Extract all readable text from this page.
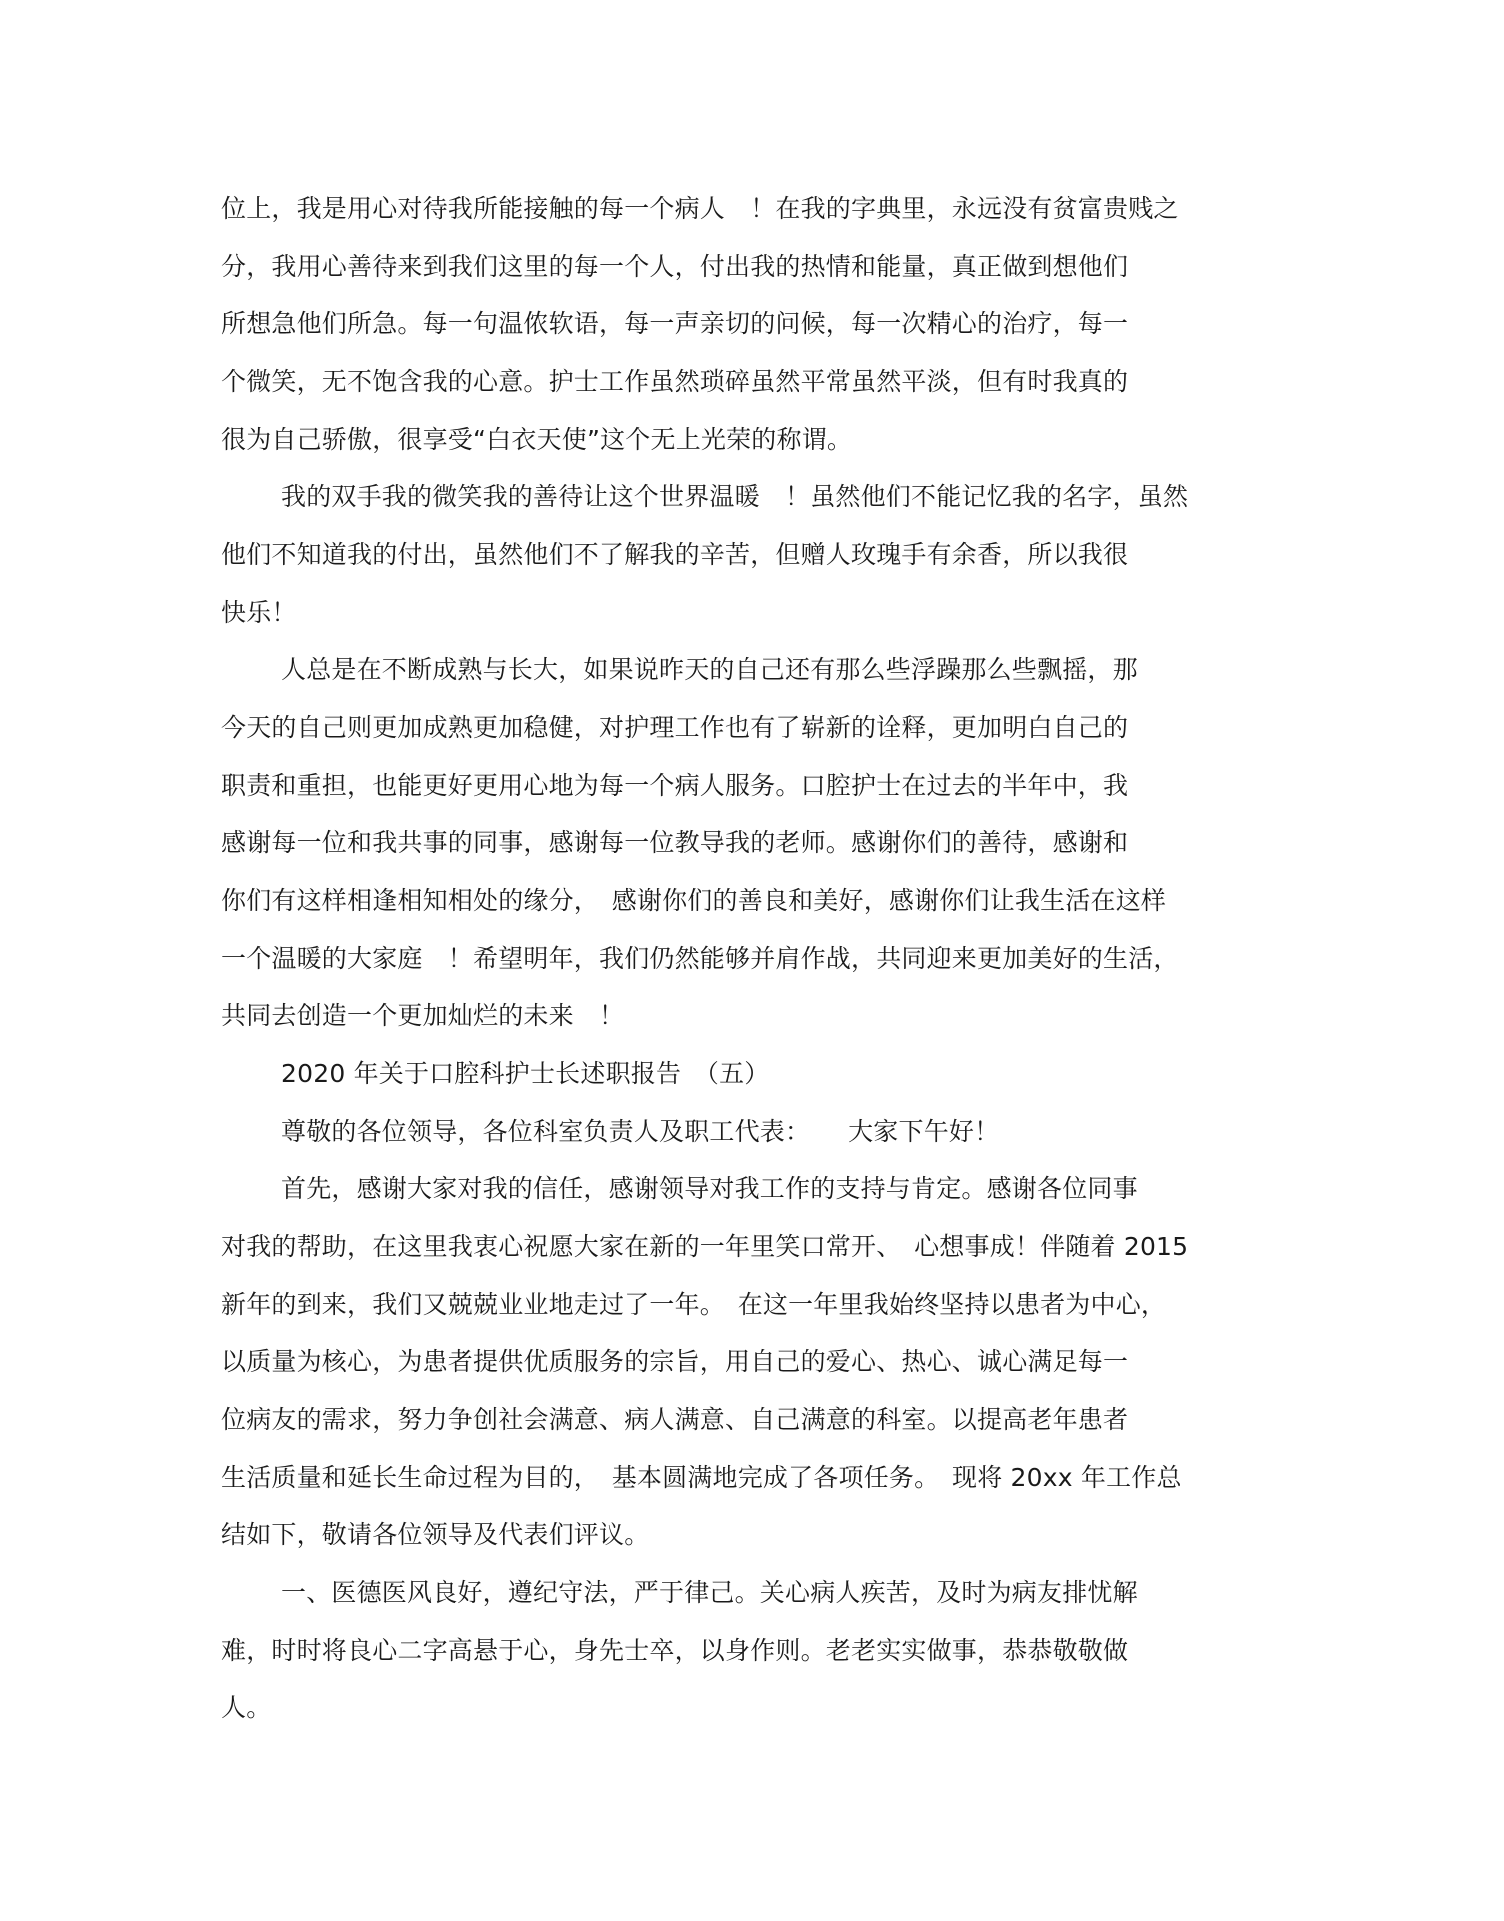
位上，我是用心对待我所能接触的每一个病人　！在我的字典里，永远没有贫富贵贱之
分，我用心善待来到我们这里的每一个人，付出我的热情和能量，真正做到想他们
所想急他们所急。每一句温侬软语，每一声亲切的问候，每一次精心的治疗，每一
个微笑，无不饱含我的心意。护士工作虽然琐碎虽然平常虽然平淡，但有时我真的
很为自己骄傲，很享受“白衣天使”这个无上光荣的称谓。
我的双手我的微笑我的善待让这个世界温暖　！虽然他们不能记忆我的名字，虽然
他们不知道我的付出，虽然他们不了解我的辛苦，但赠人玫瑰手有余香，所以我很
快乐！
人总是在不断成熟与长大，如果说昨天的自己还有那么些浮躁那么些飘摇，那
今天的自己则更加成熟更加稳健，对护理工作也有了崭新的诠释，更加明白自己的
职责和重担，也能更好更用心地为每一个病人服务。口腔护士在过去的半年中，我
感谢每一位和我共事的同事，感谢每一位教导我的老师。感谢你们的善待，感谢和
你们有这样相逢相知相处的缘分，　感谢你们的善良和美好，感谢你们让我生活在这样
一个温暖的大家庭　！希望明年，我们仍然能够并肩作战，共同迎来更加美好的生活，
共同去创造一个更加灿烂的未来　！
2020 年关于口腔科护士长述职报告　（五）
尊敬的各位领导，各位科室负责人及职工代表：　　大家下午好！
首先，感谢大家对我的信任，感谢领导对我工作的支持与肯定。感谢各位同事
对我的帮助，在这里我衷心祝愿大家在新的一年里笑口常开、　心想事成！伴随着 2015
新年的到来，我们又兢兢业业地走过了一年。　在这一年里我始终坚持以患者为中心，
以质量为核心，为患者提供优质服务的宗旨，用自己的爱心、热心、诚心满足每一
位病友的需求，努力争创社会满意、病人满意、自己满意的科室。以提高老年患者
生活质量和延长生命过程为目的，　基本圆满地完成了各项任务。　现将 20xx 年工作总
结如下，敬请各位领导及代表们评议。
一、医德医风良好，遵纪守法，严于律己。关心病人疾苦，及时为病友排忧解
难，时时将良心二字高悬于心，身先士卒，以身作则。老老实实做事，恭恭敬敬做
人。
